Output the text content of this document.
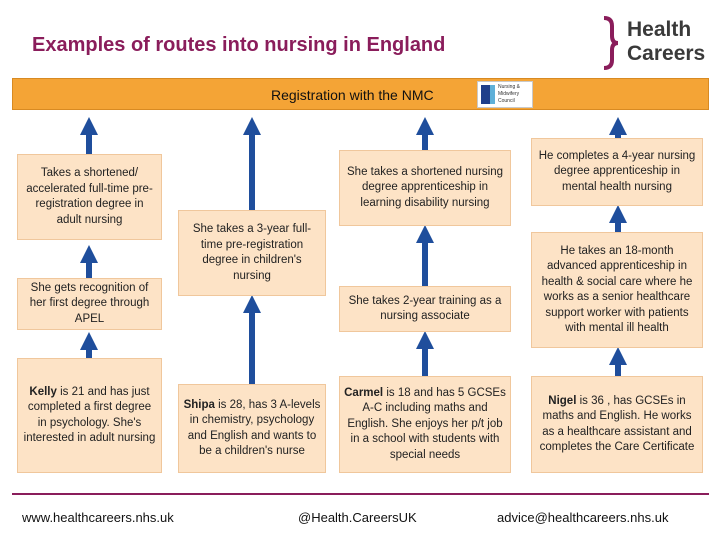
Examples of routes into nursing in England
Health
Careers
Registration with the NMC	Nursing & Midwifery Council
Takes a shortened/ accelerated full-time pre-registration degree in adult nursing
She gets recognition of her first degree through APEL
Kelly is 21 and has just completed a first degree in psychology. She's interested in adult nursing
She takes a 3-year full-time pre-registration degree in children's nursing
Shipa is 28, has 3 A-levels in chemistry, psychology and English and wants to be a children's nurse
She takes a shortened nursing degree apprenticeship in learning disability nursing
She takes 2-year training as a nursing associate
Carmel is 18 and has 5 GCSEs A-C including maths and English. She enjoys her p/t job in a school with students with special needs
He completes a 4-year nursing degree apprenticeship in mental health nursing
He takes an 18-month advanced apprenticeship in health & social care where he works as a senior healthcare support worker with patients with mental ill health
Nigel is 36 , has GCSEs in maths and English. He works as a healthcare assistant and completes the Care Certificate
www.healthcareers.nhs.uk	@Health.CareersUK	advice@healthcareers.nhs.uk
